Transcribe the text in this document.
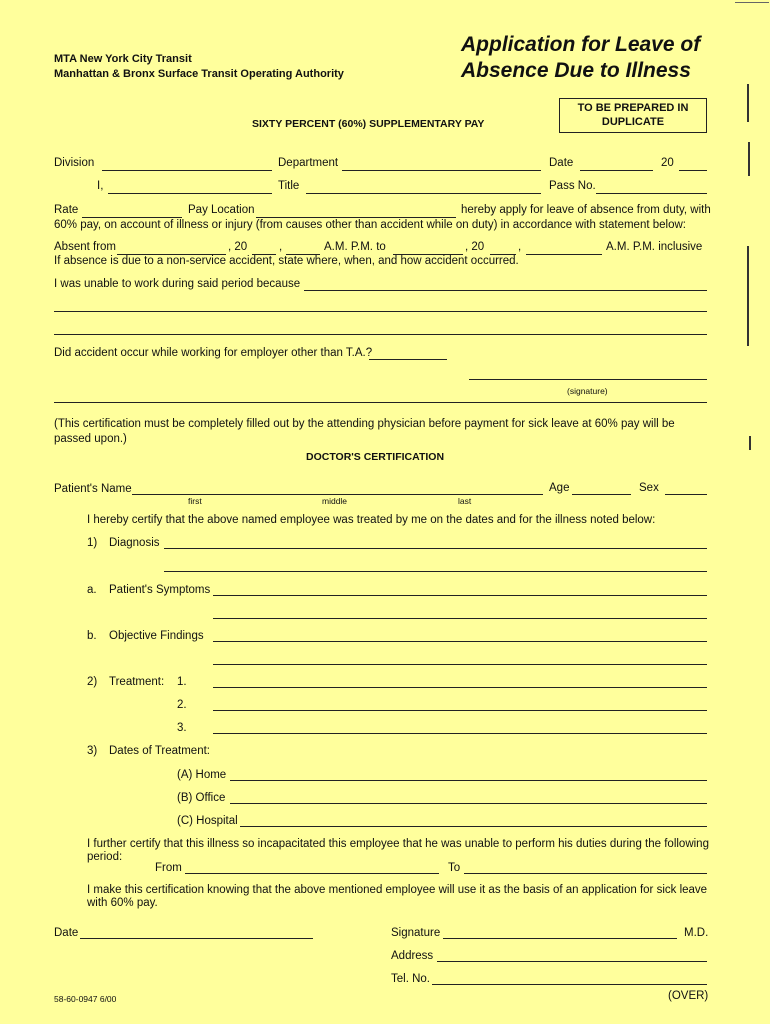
MTA New York City Transit
Manhattan & Bronx Surface Transit Operating Authority
Application for Leave of
Absence Due to Illness
TO BE PREPARED IN
DUPLICATE
SIXTY PERCENT (60%) SUPPLEMENTARY PAY
Division	Department	Date	20
I,	Title	Pass No.
Rate	Pay Location	hereby apply for leave of absence from duty, with
60% pay, on account of illness or injury (from causes other than accident while on duty) in accordance with statement below:
Absent from	, 20	,	A.M. P.M. to	, 20	,	A.M. P.M. inclusive
If absence is due to a non-service accident, state where, when, and how accident occurred.
I was unable to work during said period because
Did accident occur while working for employer other than T.A.?
(signature)
(This certification must be completely filled out by the attending physician before payment for sick leave at 60% pay will be passed upon.)
DOCTOR'S CERTIFICATION
Patient's Name
first	middle	last
Age	Sex
I hereby certify that the above named employee was treated by me on the dates and for the illness noted below:
1) Diagnosis
a. Patient's Symptoms
b. Objective Findings
2) Treatment: 1.
2.
3.
3) Dates of Treatment:
(A) Home
(B) Office
(C) Hospital
I further certify that this illness so incapacitated this employee that he was unable to perform his duties during the following period:
From	To
I make this certification knowing that the above mentioned employee will use it as the basis of an application for sick leave with 60% pay.
Date	Signature	M.D.
Address
Tel. No.
58-60-0947 6/00	(OVER)
